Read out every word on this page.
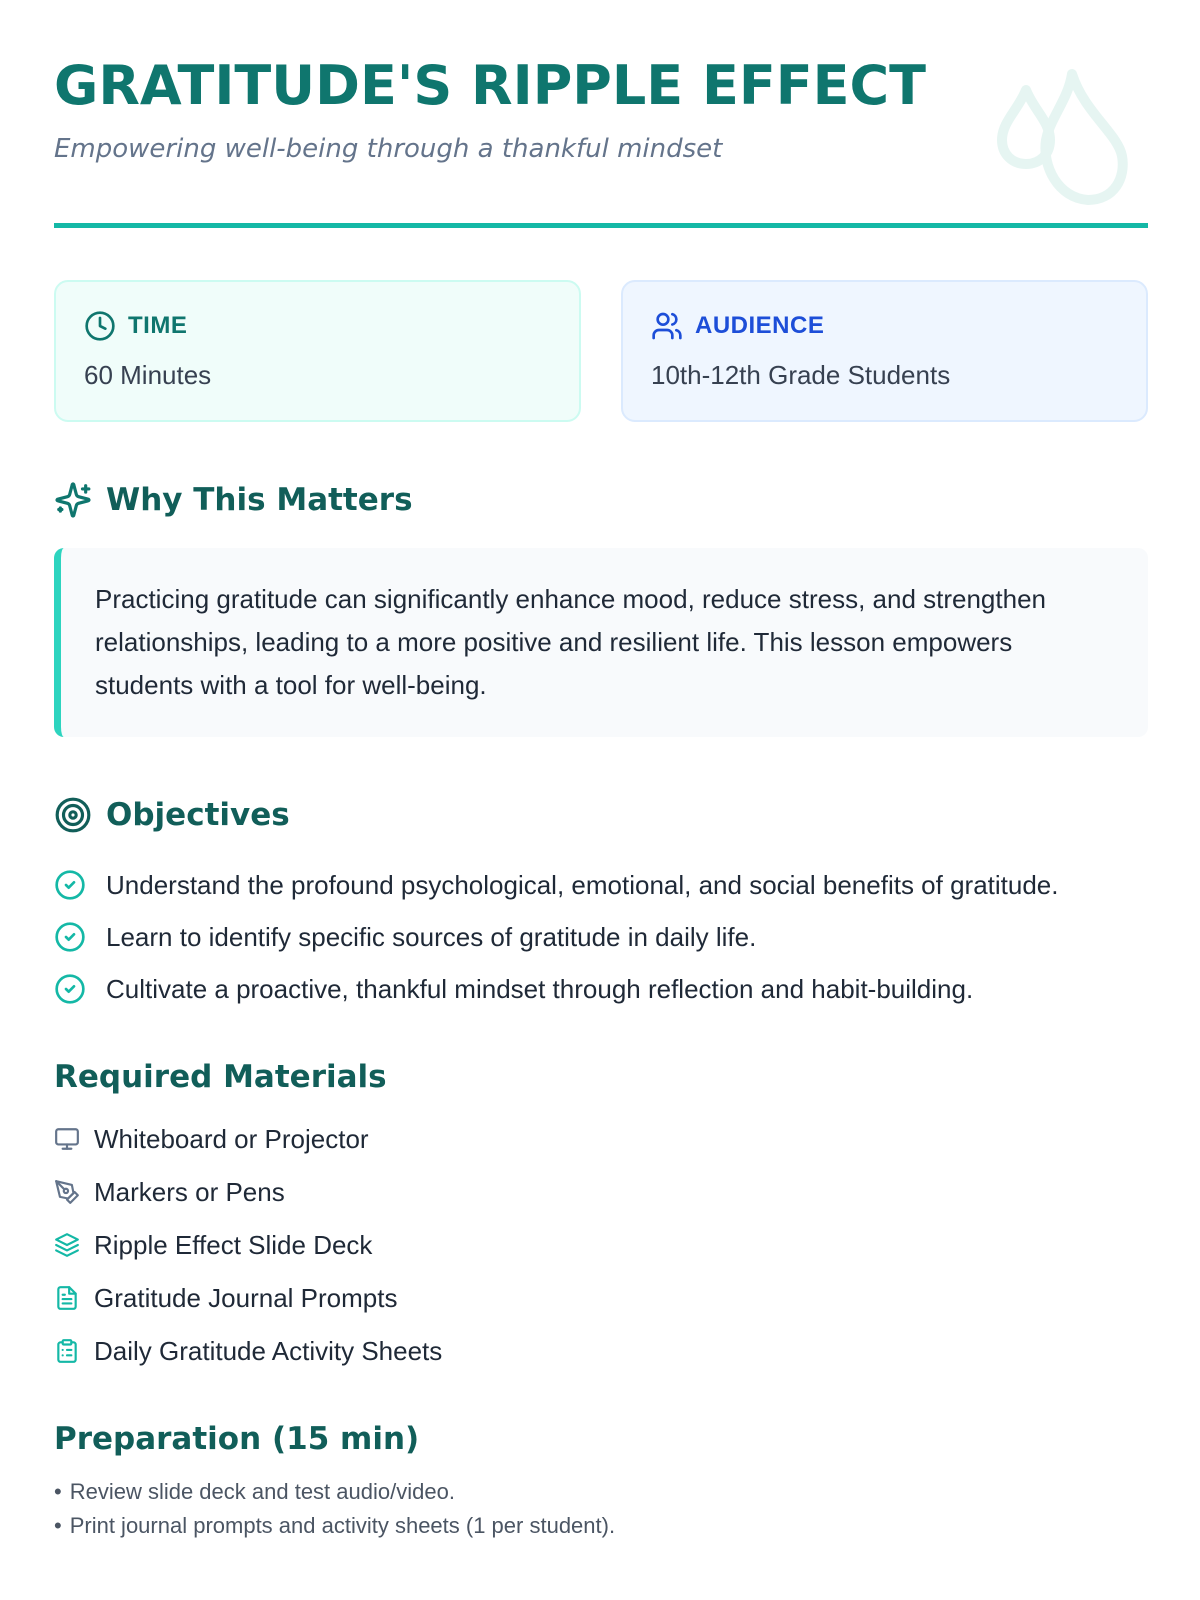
GRATITUDE'S RIPPLE EFFECT
Empowering well-being through a thankful mindset
TIME
60 Minutes
AUDIENCE
10th-12th Grade Students
Why This Matters

Practicing gratitude can significantly enhance mood, reduce stress, and strengthen relationships, leading to a more positive and resilient life. This lesson empowers students with a tool for well-being.

Objectives
Understand the profound psychological, emotional, and social benefits of gratitude.
Learn to identify specific sources of gratitude in daily life.
Cultivate a proactive, thankful mindset through reflection and habit-building.
Required Materials
Whiteboard or Projector
Markers or Pens
Ripple Effect Slide Deck
Gratitude Journal Prompts
Daily Gratitude Activity Sheets
Preparation (15 min)
• Review slide deck and test audio/video.
• Print journal prompts and activity sheets (1 per student).
